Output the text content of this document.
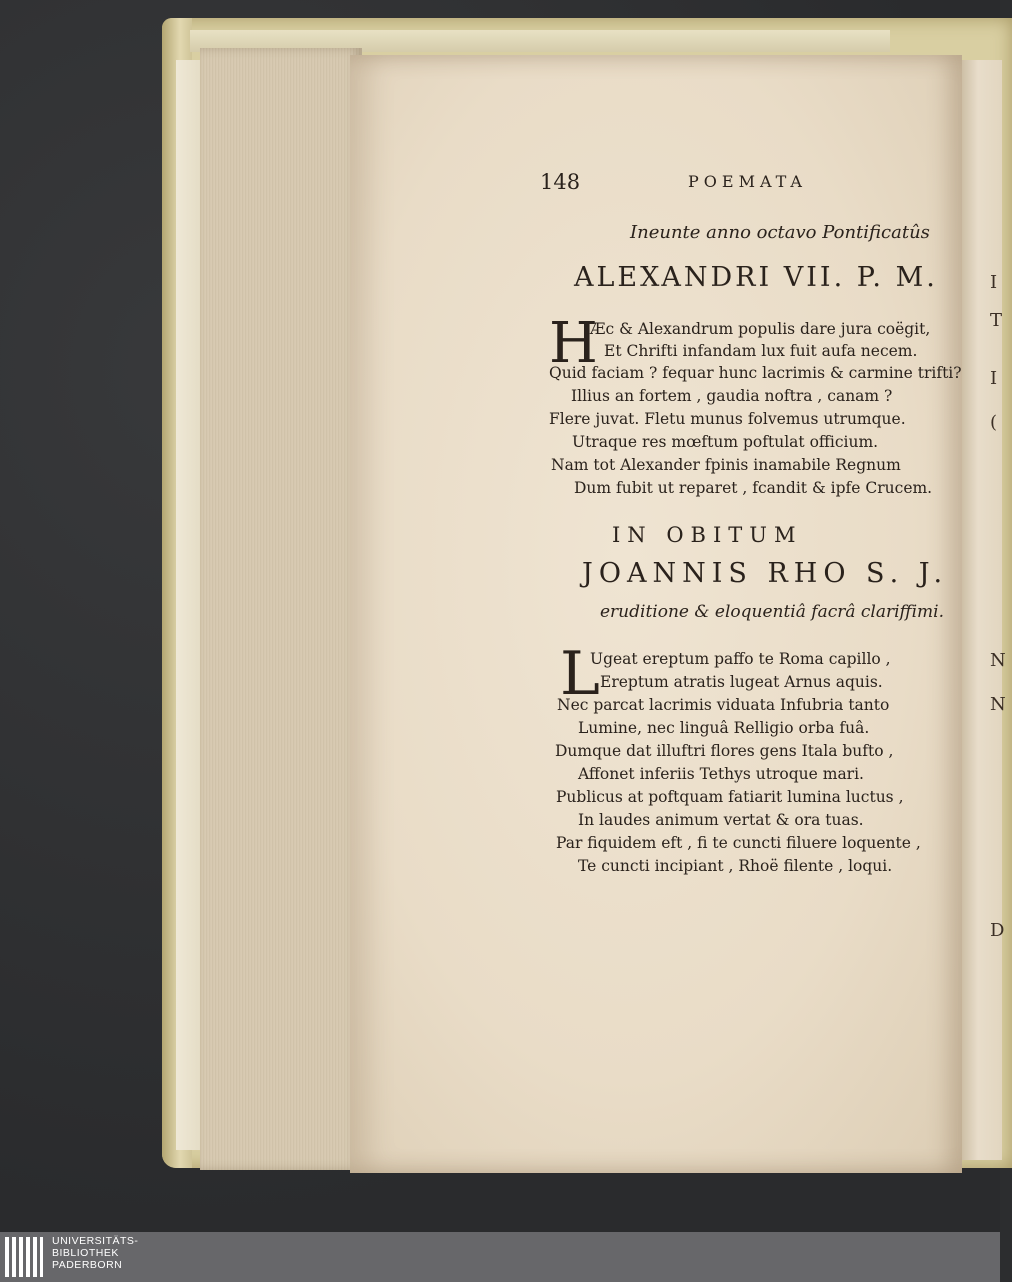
I
T
I
(
N
N
D
148	POEMATA
Ineunte anno octavo Pontificatûs
ALEXANDRI VII. P. M.
H
Æc & Alexandrum populis dare jura coëgit,
Et Chrifti infandam lux fuit aufa necem.
Quid faciam ? fequar hunc lacrimis & carmine trifti?
Illius an fortem , gaudia noftra , canam ?
Flere juvat. Fletu munus folvemus utrumque.
Utraque res mœftum poftulat officium.
Nam tot Alexander fpinis inamabile Regnum
Dum fubit ut reparet , fcandit & ipfe Crucem.
IN OBITUM
JOANNIS RHO S. J.
eruditione & eloquentiâ facrâ clariffimi.
L
Ugeat ereptum paffo te Roma capillo ,
Ereptum atratis lugeat Arnus aquis.
Nec parcat lacrimis viduata Infubria tanto
Lumine, nec linguâ Relligio orba fuâ.
Dumque dat illuftri flores gens Itala bufto ,
Affonet inferiis Tethys utroque mari.
Publicus at poftquam fatiarit lumina luctus ,
In laudes animum vertat & ora tuas.
Par fiquidem eft , fi te cuncti filuere loquente ,
Te cuncti incipiant , Rhoë filente , loqui.
UNIVERSITÄTS-
BIBLIOTHEK
PADERBORN
